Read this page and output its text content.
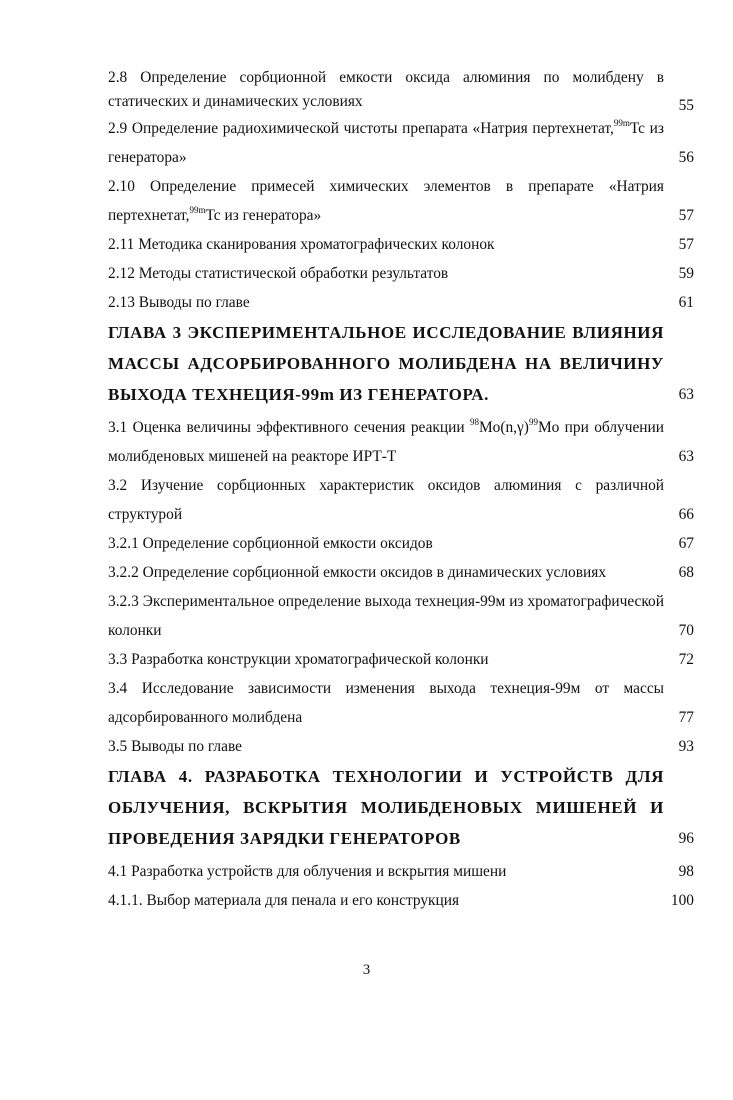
2.8 Определение сорбционной емкости оксида алюминия по молибдену в статических и динамических условиях	55
2.9 Определение радиохимической чистоты препарата «Натрия пертехнетат,$^{99m}$Tc из генератора»	56
2.10 Определение примесей химических элементов в препарате «Натрия пертехнетат,$^{99m}$Tc из генератора»	57
2.11 Методика сканирования хроматографических колонок	57
2.12 Методы статистической обработки результатов	59
2.13 Выводы по главе	61
ГЛАВА 3 ЭКСПЕРИМЕНТАЛЬНОЕ ИССЛЕДОВАНИЕ ВЛИЯНИЯ МАССЫ АДСОРБИРОВАННОГО МОЛИБДЕНА НА ВЕЛИЧИНУ ВЫХОДА ТЕХНЕЦИЯ-99m ИЗ ГЕНЕРАТОРА.	63
3.1 Оценка величины эффективного сечения реакции $^{98}Mo(n,\gamma)^{99}Mo$ при облучении молибденовых мишеней на реакторе ИРТ-Т	63
3.2 Изучение сорбционных характеристик оксидов алюминия с различной структурой	66
3.2.1 Определение сорбционной емкости оксидов	67
3.2.2 Определение сорбционной емкости оксидов в динамических условиях	68
3.2.3 Экспериментальное определение выхода технеция-99м из хроматографической колонки	70
3.3 Разработка конструкции хроматографической колонки	72
3.4 Исследование зависимости изменения выхода технеция-99м от массы адсорбированного молибдена	77
3.5 Выводы по главе	93
ГЛАВА 4. РАЗРАБОТКА ТЕХНОЛОГИИ И УСТРОЙСТВ ДЛЯ ОБЛУЧЕНИЯ, ВСКРЫТИЯ МОЛИБДЕНОВЫХ МИШЕНЕЙ И ПРОВЕДЕНИЯ ЗАРЯДКИ ГЕНЕРАТОРОВ	96
4.1 Разработка устройств для облучения и вскрытия мишени	98
4.1.1. Выбор материала для пенала и его конструкция	100
3
